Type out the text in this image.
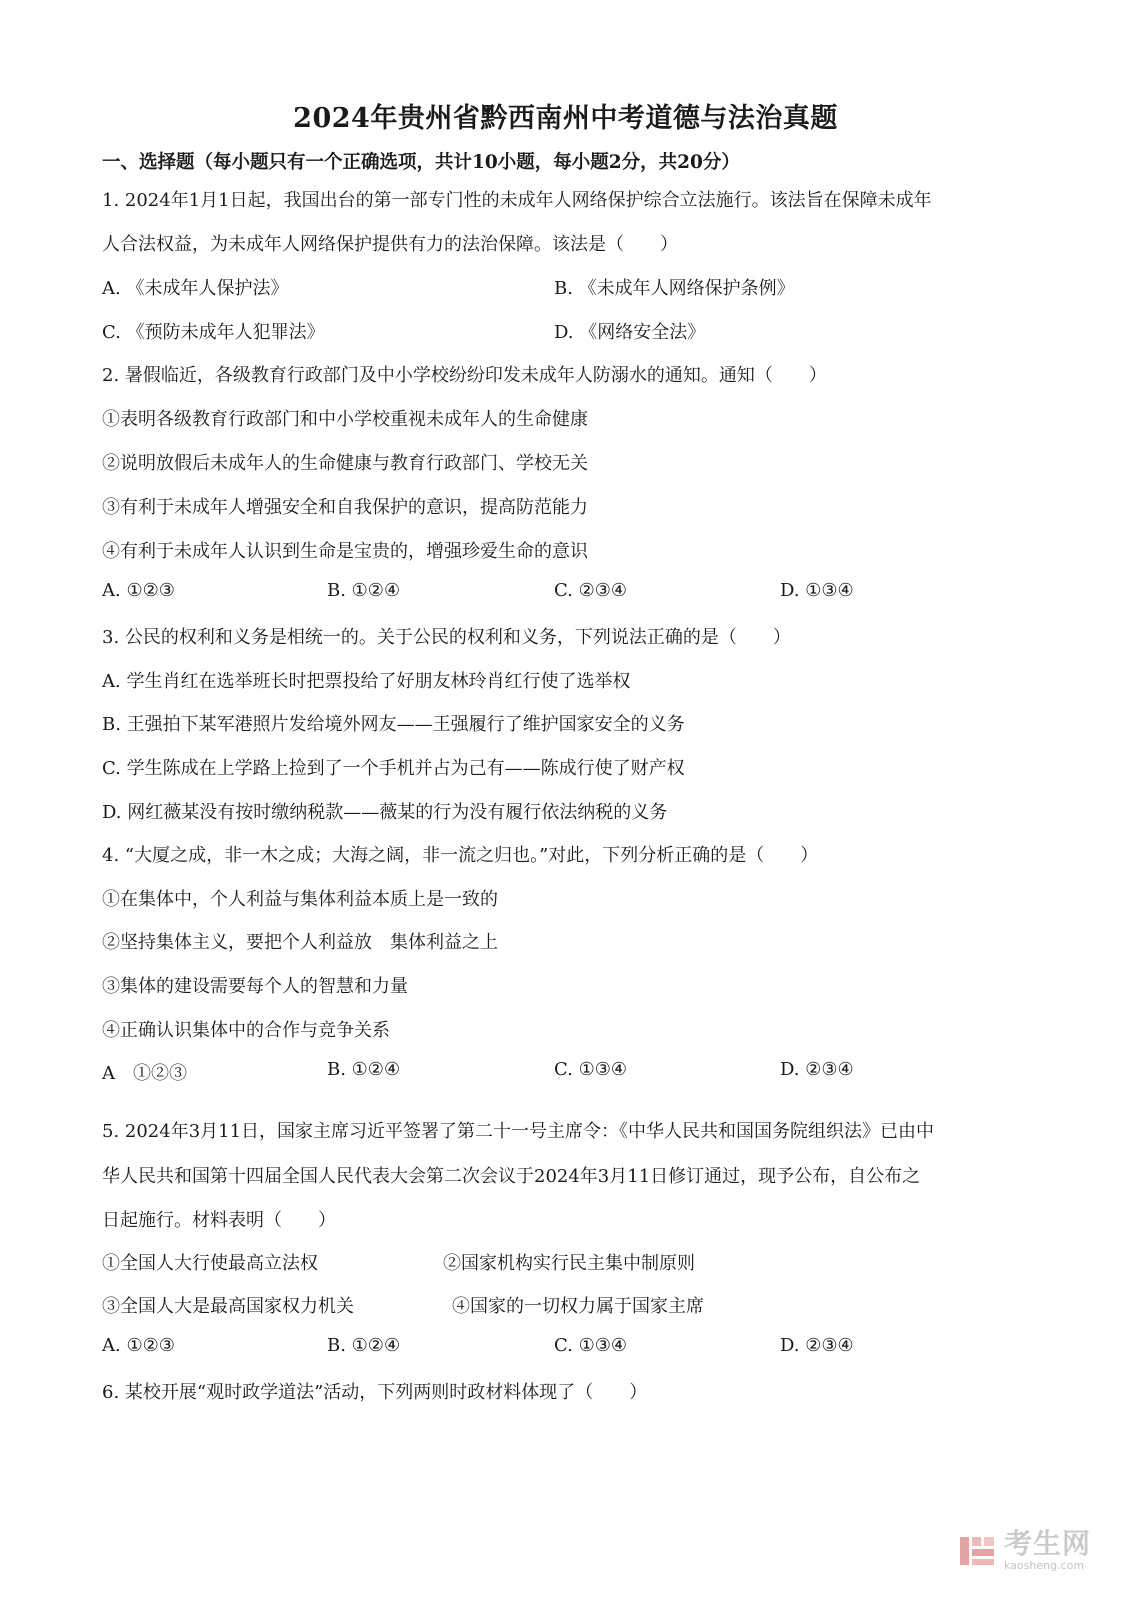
2024年贵州省黔西南州中考道德与法治真题
一、选择题（每小题只有一个正确选项，共计10小题，每小题2分，共20分）
1. 2024年1月1日起，我国出台的第一部专门性的未成年人网络保护综合立法施行。该法旨在保障未成年
人合法权益，为未成年人网络保护提供有力的法治保障。该法是（　　）
A. 《未成年人保护法》	B. 《未成年人网络保护条例》
C. 《预防未成年人犯罪法》	D. 《网络安全法》
2. 暑假临近，各级教育行政部门及中小学校纷纷印发未成年人防溺水的通知。通知（　　）
①表明各级教育行政部门和中小学校重视未成年人的生命健康
②说明放假后未成年人的生命健康与教育行政部门、学校无关
③有利于未成年人增强安全和自我保护的意识，提高防范能力
④有利于未成年人认识到生命是宝贵的，增强珍爱生命的意识
A. ①②③	B. ①②④	C. ②③④	D. ①③④
3. 公民的权利和义务是相统一的。关于公民的权利和义务，下列说法正确的是（　　）
A. 学生肖红在选举班长时把票投给了好朋友林玲肖红行使了选举权
B. 王强拍下某军港照片发给境外网友——王强履行了维护国家安全的义务
C. 学生陈成在上学路上捡到了一个手机并占为己有——陈成行使了财产权
D. 网红薇某没有按时缴纳税款——薇某的行为没有履行依法纳税的义务
4. “大厦之成，非一木之成；大海之阔，非一流之归也。”对此，下列分析正确的是（　　）
①在集体中，个人利益与集体利益本质上是一致的
②坚持集体主义，要把个人利益放　集体利益之上
③集体的建设需要每个人的智慧和力量
④正确认识集体中的合作与竞争关系
A　①②③	B. ①②④	C. ①③④	D. ②③④
5. 2024年3月11日，国家主席习近平签署了第二十一号主席令：《中华人民共和国国务院组织法》已由中
华人民共和国第十四届全国人民代表大会第二次会议于2024年3月11日修订通过，现予公布，自公布之
日起施行。材料表明（　　）
①全国人大行使最高立法权	②国家机构实行民主集中制原则
③全国人大是最高国家权力机关	④国家的一切权力属于国家主席
A. ①②③	B. ①②④	C. ①③④	D. ②③④
6. 某校开展“观时政学道法”活动，下列两则时政材料体现了（　　）
考生网
kaosheng.com
